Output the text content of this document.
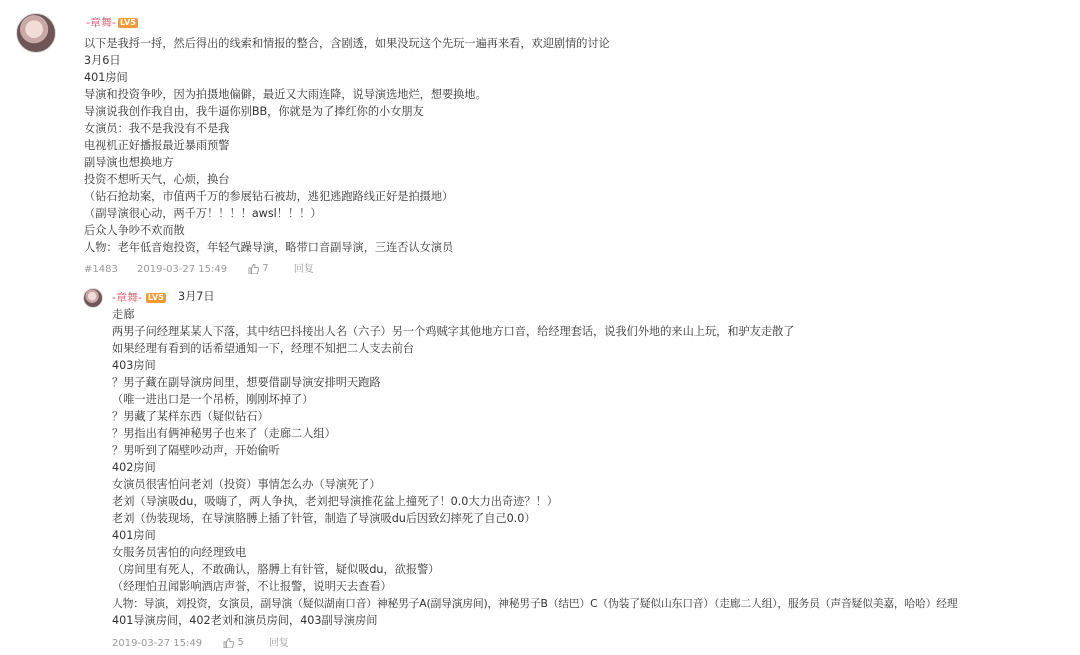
-章舞- LV5
以下是我捋一捋，然后得出的线索和情报的整合，含剧透，如果没玩这个先玩一遍再来看，欢迎剧情的讨论
3月6日
401房间
导演和投资争吵，因为拍摄地偏僻，最近又大雨连降，说导演选地烂，想要换地。
导演说我创作我自由，我牛逼你别BB，你就是为了捧红你的小女朋友
女演员：我不是我没有不是我
电视机正好播报最近暴雨预警
副导演也想换地方
投资不想听天气，心烦，换台
（钻石抢劫案，市值两千万的参展钻石被劫，逃犯逃跑路线正好是拍摄地）
（副导演很心动，两千万！！！！awsl！！！）
后众人争吵不欢而散
人物：老年低音炮投资，年轻气躁导演，略带口音副导演，三连否认女演员
#1483 2019-03-27 15:49	7	回复
-章舞- LV5 3月7日
走廊
两男子问经理某某人下落，其中结巴抖接出人名（六子）另一个鸡贼字其他地方口音，给经理套话，说我们外地的来山上玩，和驴友走散了
如果经理有看到的话希望通知一下，经理不知把二人支去前台
403房间
？男子藏在副导演房间里，想要借副导演安排明天跑路
（唯一进出口是一个吊桥，刚刚坏掉了）
？男藏了某样东西（疑似钻石）
？男指出有俩神秘男子也来了（走廊二人组）
？男听到了隔壁吵动声，开始偷听
402房间
女演员很害怕问老刘（投资）事情怎么办（导演死了）
老刘（导演吸du，吸嗨了，两人争执，老刘把导演推花盆上撞死了！0.0大力出奇迹？！）
老刘（伪装现场，在导演胳膊上插了针管，制造了导演吸du后因致幻摔死了自己0.0）
401房间
女服务员害怕的向经理致电
（房间里有死人，不敢确认，胳膊上有针管，疑似吸du，欲报警）
（经理怕丑闻影响酒店声誉，不让报警，说明天去查看）
人物：导演，刘投资，女演员，副导演（疑似湖南口音）神秘男子A(副导演房间)，神秘男子B（结巴）C（伪装了疑似山东口音）（走廊二人组），服务员（声音疑似美嘉，哈哈）经理
401导演房间，402老刘和演员房间，403副导演房间
2019-03-27 15:49	5	回复
